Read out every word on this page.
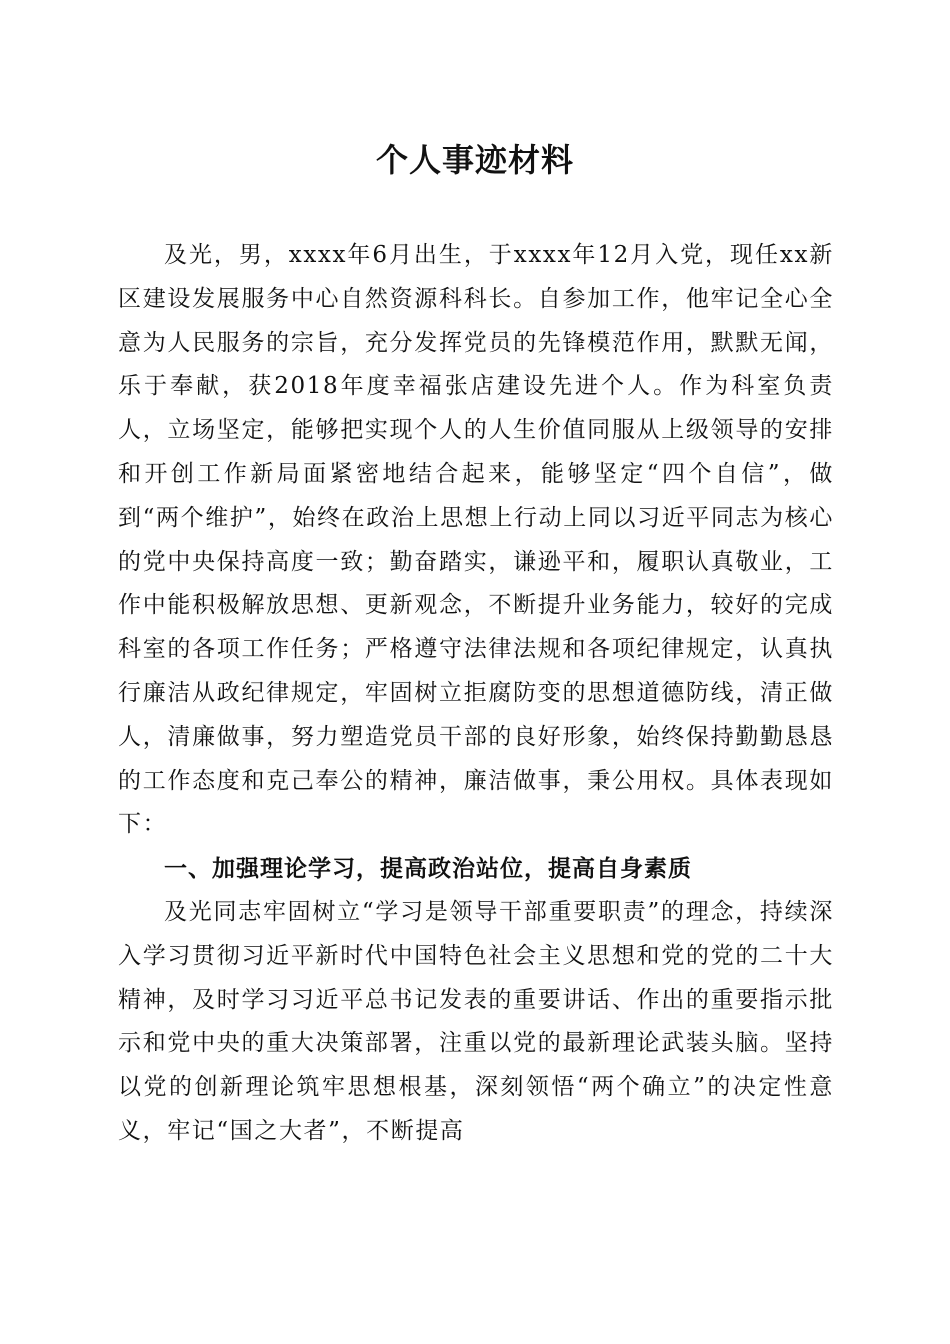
个人事迹材料

及光，男，xxxx年6月出生，于xxxx年12月入党，现任xx新区建设发展服务中心自然资源科科长。自参加工作，他牢记全心全意为人民服务的宗旨，充分发挥党员的先锋模范作用，默默无闻，乐于奉献，获2018年度幸福张店建设先进个人。作为科室负责人，立场坚定，能够把实现个人的人生价值同服从上级领导的安排和开创工作新局面紧密地结合起来，能够坚定“四个自信”，做到“两个维护”，始终在政治上思想上行动上同以习近平同志为核心的党中央保持高度一致；勤奋踏实，谦逊平和，履职认真敬业，工作中能积极解放思想、更新观念，不断提升业务能力，较好的完成科室的各项工作任务；严格遵守法律法规和各项纪律规定，认真执行廉洁从政纪律规定，牢固树立拒腐防变的思想道德防线，清正做人，清廉做事，努力塑造党员干部的良好形象，始终保持勤勤恳恳的工作态度和克己奉公的精神，廉洁做事，秉公用权。具体表现如下：

一、加强理论学习，提高政治站位，提高自身素质

及光同志牢固树立“学习是领导干部重要职责”的理念，持续深入学习贯彻习近平新时代中国特色社会主义思想和党的党的二十大精神，及时学习习近平总书记发表的重要讲话、作出的重要指示批示和党中央的重大决策部署，注重以党的最新理论武装头脑。坚持以党的创新理论筑牢思想根基，深刻领悟“两个确立”的决定性意义，牢记“国之大者”，不断提高
